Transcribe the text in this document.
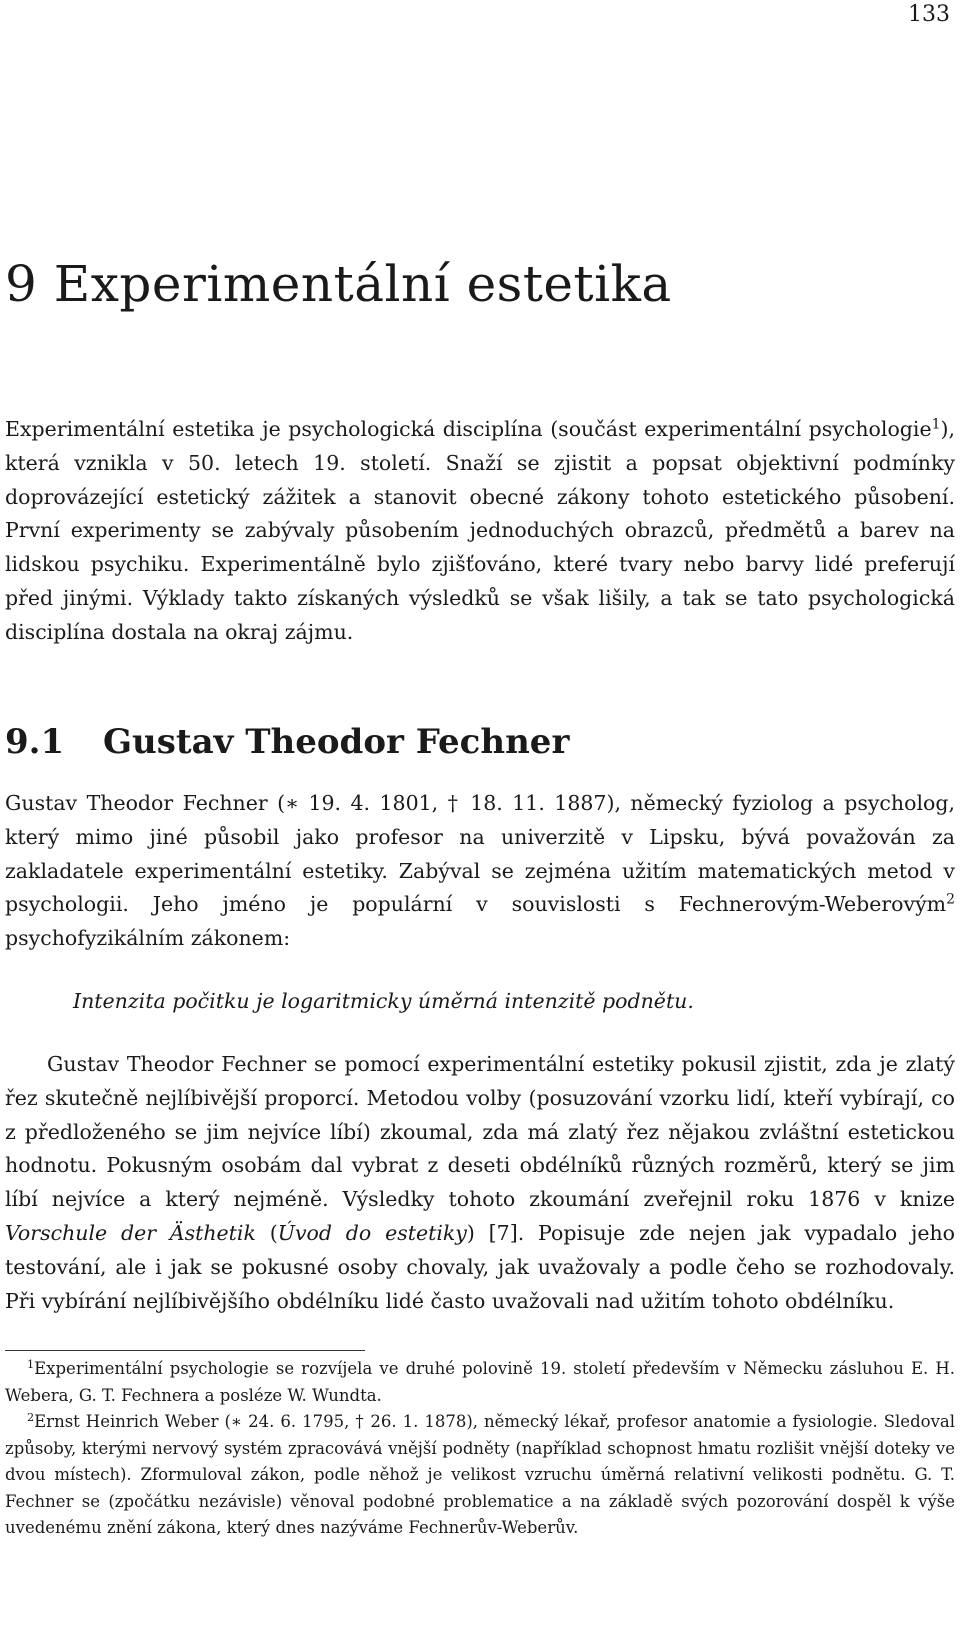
133
9 Experimentální estetika

Experimentální estetika je psychologická disciplína (součást experimentální psychologie$^1$), která vznikla v 50. letech 19. století. Snaží se zjistit a popsat objektivní podmínky doprovázející estetický zážitek a stanovit obecné zákony tohoto estetického působení. První experimenty se zabývaly působením jednoduchých obrazců, předmětů a barev na lidskou psychiku. Experimentálně bylo zjišťováno, které tvary nebo barvy lidé preferují před jinými. Výklady takto získaných výsledků se však lišily, a tak se tato psychologická disciplína dostala na okraj zájmu.

9.1 Gustav Theodor Fechner

Gustav Theodor Fechner (∗ 19. 4. 1801, † 18. 11. 1887), německý fyziolog a psycholog, který mimo jiné působil jako profesor na univerzitě v Lipsku, bývá považován za zakladatele experimentální estetiky. Zabýval se zejména užitím matematických metod v psychologii. Jeho jméno je populární v souvislosti s Fechnerovým-Weberovým$^2$ psychofyzikálním zákonem:

Intenzita počitku je logaritmicky úměrná intenzitě podnětu.

Gustav Theodor Fechner se pomocí experimentální estetiky pokusil zjistit, zda je zlatý řez skutečně nejlíbivější proporcí. Metodou volby (posuzování vzorku lidí, kteří vybírají, co z předloženého se jim nejvíce líbí) zkoumal, zda má zlatý řez nějakou zvláštní estetickou hodnotu. Pokusným osobám dal vybrat z deseti obdélníků různých rozměrů, který se jim líbí nejvíce a který nejméně. Výsledky tohoto zkoumání zveřejnil roku 1876 v knize Vorschule der Ästhetik (Úvod do estetiky) [7]. Popisuje zde nejen jak vypadalo jeho testování, ale i jak se pokusné osoby chovaly, jak uvažovaly a podle čeho se rozhodovaly. Při vybírání nejlíbivějšího obdélníku lidé často uvažovali nad užitím tohoto obdélníku.

$^1$Experimentální psychologie se rozvíjela ve druhé polovině 19. století především v Německu zásluhou E. H. Webera, G. T. Fechnera a posléze W. Wundta.

$^2$Ernst Heinrich Weber (∗ 24. 6. 1795, † 26. 1. 1878), německý lékař, profesor anatomie a fysiologie. Sledoval způsoby, kterými nervový systém zpracovává vnější podněty (například schopnost hmatu rozlišit vnější doteky ve dvou místech). Zformuloval zákon, podle něhož je velikost vzruchu úměrná relativní velikosti podnětu. G. T. Fechner se (zpočátku nezávisle) věnoval podobné problematice a na základě svých pozorování dospěl k výše uvedenému znění zákona, který dnes nazýváme Fechnerův-Weberův.
